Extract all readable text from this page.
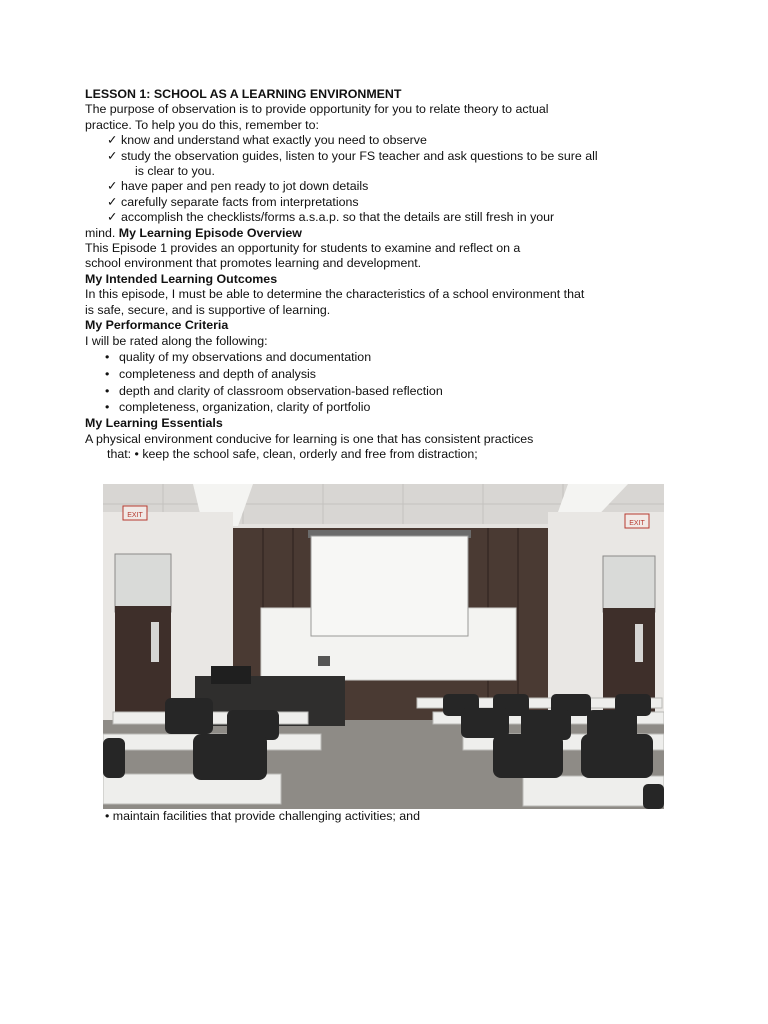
LESSON 1: SCHOOL AS A LEARNING ENVIRONMENT
The purpose of observation is to provide opportunity for you to relate theory to actual
practice. To help you do this, remember to:
✓ know and understand what exactly you need to observe
✓ study the observation guides, listen to your FS teacher and ask questions to be sure all
is clear to you.
✓ have paper and pen ready to jot down details
✓ carefully separate facts from interpretations
✓ accomplish the checklists/forms a.s.a.p. so that the details are still fresh in your
mind. My Learning Episode Overview
This Episode 1 provides an opportunity for students to examine and reflect on a
school environment that promotes learning and development.
My Intended Learning Outcomes
In this episode, I must be able to determine the characteristics of a school environment that
is safe, secure, and is supportive of learning.
My Performance Criteria
I will be rated along the following:
• quality of my observations and documentation
• completeness and depth of analysis
• depth and clarity of classroom observation-based reflection
• completeness, organization, clarity of portfolio
My Learning Essentials
A physical environment conducive for learning is one that has consistent practices
that: • keep the school safe, clean, orderly and free from distraction;
EXIT
EXIT
• maintain facilities that provide challenging activities; and
